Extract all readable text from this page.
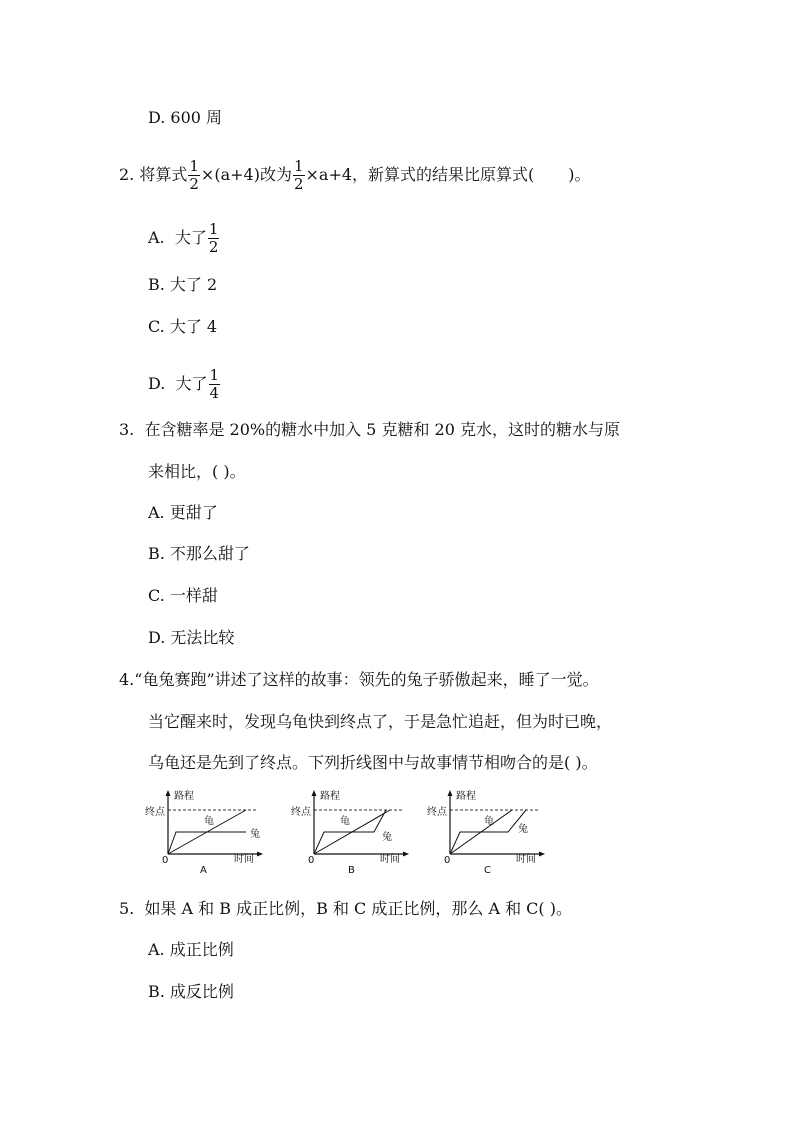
D. 600 周
2. 将算式 $\frac{1}{2} \times(a+4)$改为 $\frac{1}{2} \times a+4$，新算式的结果比原算式( )。
A. 大了 $\frac{1}{2}$
B. 大了 2
C. 大了 4
D. 大了 $\frac{1}{4}$
3. 在含糖率是 20%的糖水中加入 5 克糖和 20 克水，这时的糖水与原
来相比，( )。
A. 更甜了
B. 不那么甜了
C. 一样甜
D. 无法比较
4.“龟兔赛跑”讲述了这样的故事：领先的兔子骄傲起来，睡了一觉。
当它醒来时，发现乌龟快到终点了，于是急忙追赶，但为时已晚，
乌龟还是先到了终点。下列折线图中与故事情节相吻合的是( )。
路程
终点
龟
兔
0	时间
A
路程
终点
龟
兔
0	时间
B
路程
终点
龟
兔
0	时间
C
5. 如果 A 和 B 成正比例，B 和 C 成正比例，那么 A 和 C( )。
A. 成正比例
B. 成反比例
